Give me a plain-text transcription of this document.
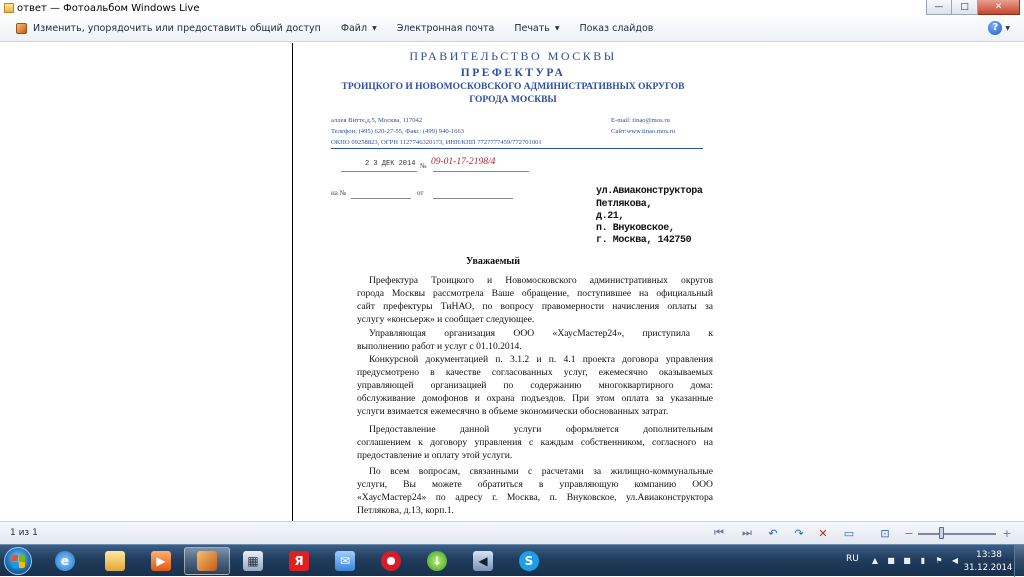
ответ — Фотоальбом Windows Live	—	□	✕
Изменить, упорядочить или предоставить общий доступ Файл ▼ Электронная почта Печать ▼ Показ слайдов	?	▼
ПРАВИТЕЛЬСТВО МОСКВЫ
ПРЕФЕКТУРА
ТРОИЦКОГО И НОВОМОСКОВСКОГО АДМИНИСТРАТИВНЫХ ОКРУГОВ
ГОРОДА МОСКВЫ
аллея Витте,д.5, Москва, 117042
Телефон: (495) 620-27-55, Факс: (499) 940-1663
ОКПО 09258823, ОГРН 1127746320173, ИНН/КПП 7727777459/772701001
E-mail: tinao@mos.ru
Сайт:www.tinao.mos.ru
2 3 ДЕК 2014 № 09-01-17-2198/4
на №	от	ул.Авиаконструктора
Петлякова,
д.21,
п. Внуковское,
г. Москва, 142750
Уважаемый
Префектура Троицкого и Новомосковского административных округов
города Москвы рассмотрела Ваше обращение, поступившее на официальный
сайт префектуры ТиНАО, по вопросу правомерности начисления оплаты за
услугу «консьерж» и сообщает следующее.
Управляющая организация ООО «ХаусМастер24», приступила к
выполнению работ и услуг с 01.10.2014.
Конкурсной документацией п. 3.1.2 и п. 4.1 проекта договора управления
предусмотрено в качестве согласованных услуг, ежемесячно оказываемых
управляющей организацией по содержанию многоквартирного дома:
обслуживание домофонов и охрана подъездов. При этом оплата за указанные
услуги взимается ежемесячно в объеме экономически обоснованных затрат.
Предоставление данной услуги оформляется дополнительным
соглашением к договору управления с каждым собственником, согласного на
предоставление и оплату этой услуги.
По всем вопросам, связанными с расчетами за жилищно-коммунальные
услуги, Вы можете обратиться в управляющую компанию ООО
«ХаусМастер24» по адресу г. Москва, п. Внуковское, ул.Авиаконструктора
Петлякова, д.13, корп.1.
1 из 1	⏮ ⏭ ↶ ↷ ✕ ▭ ⊡ −	+
e	▶	▦	Я	✉	↓	◀	S	RU ▲ ■ ■	▮	⚑ ◀	13:38
31.12.2014
